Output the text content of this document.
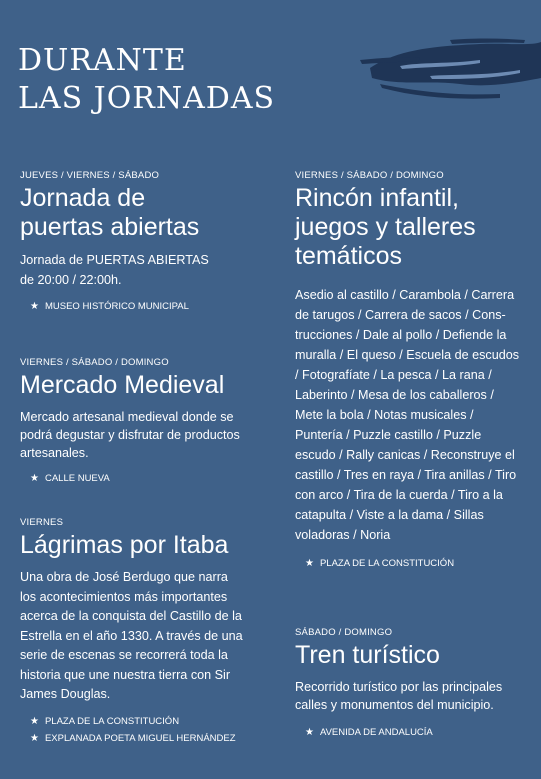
DURANTE
LAS JORNADAS
JUEVES / VIERNES / SÁBADO
Jornada de
puertas abiertas

Jornada de PUERTAS ABIERTAS
de 20:00 / 22:00h.

★ MUSEO HISTÓRICO MUNICIPAL
VIERNES / SÁBADO / DOMINGO
Mercado Medieval

Mercado artesanal medieval donde se
podrá degustar y disfrutar de productos
artesanales.

★ CALLE NUEVA
VIERNES
Lágrimas por Itaba

Una obra de José Berdugo que narra
los acontecimientos más importantes
acerca de la conquista del Castillo de la
Estrella en el año 1330. A través de una
serie de escenas se recorrerá toda la
historia que une nuestra tierra con Sir
James Douglas.

★ PLAZA DE LA CONSTITUCIÓN
★ EXPLANADA POETA MIGUEL HERNÁNDEZ
VIERNES / SÁBADO / DOMINGO
Rincón infantil,
juegos y talleres
temáticos

Asedio al castillo / Carambola / Carrera
de tarugos / Carrera de sacos / Cons-
trucciones / Dale al pollo / Defiende la
muralla / El queso / Escuela de escudos
/ Fotografíate / La pesca / La rana /
Laberinto / Mesa de los caballeros /
Mete la bola / Notas musicales /
Puntería / Puzzle castillo / Puzzle
escudo / Rally canicas / Reconstruye el
castillo / Tres en raya / Tira anillas / Tiro
con arco / Tira de la cuerda / Tiro a la
catapulta / Viste a la dama / Sillas
voladoras / Noria

★ PLAZA DE LA CONSTITUCIÓN
SÁBADO / DOMINGO
Tren turístico

Recorrido turístico por las principales
calles y monumentos del municipio.

★ AVENIDA DE ANDALUCÍA
